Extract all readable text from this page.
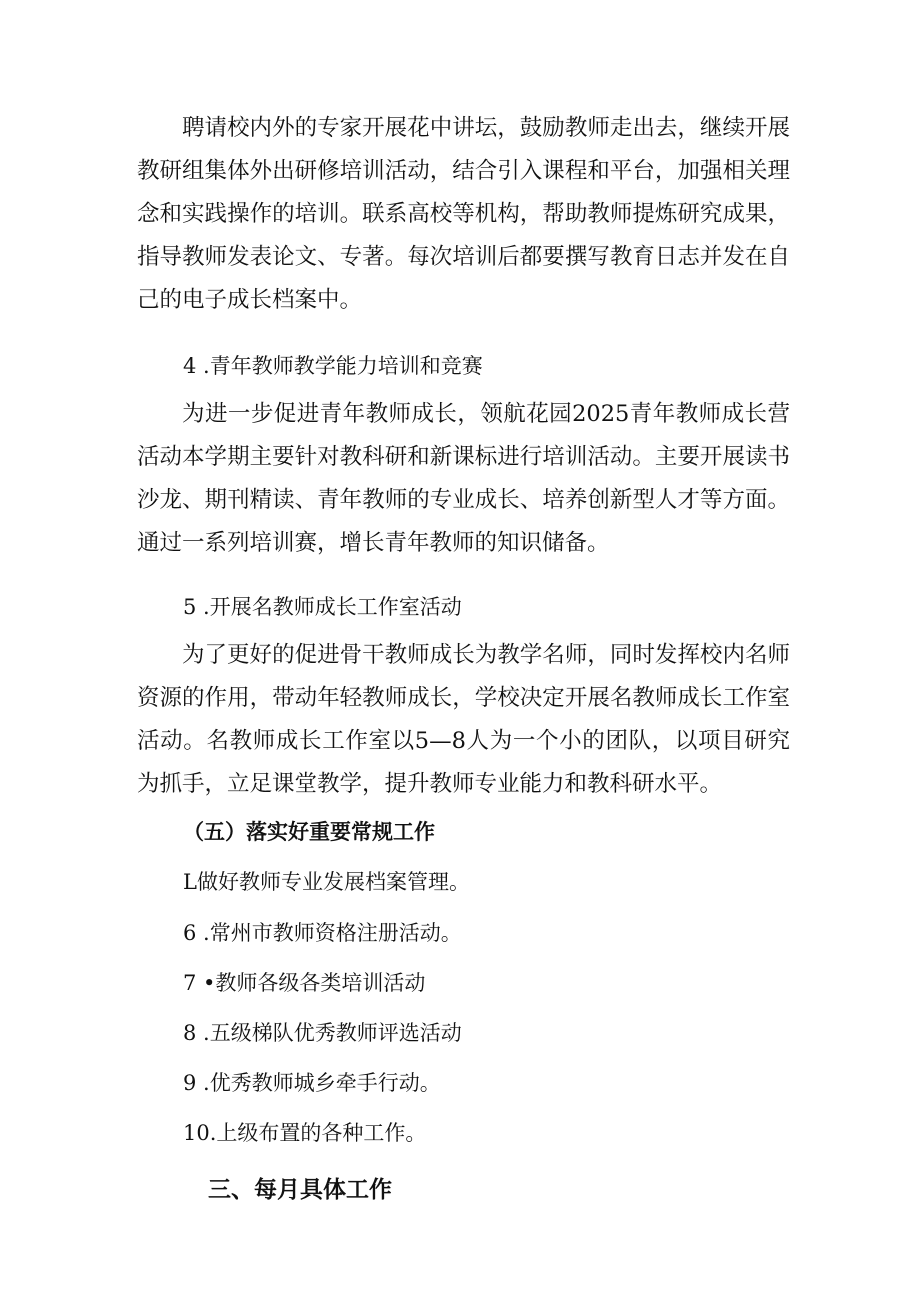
聘请校内外的专家开展花中讲坛，鼓励教师走出去，继续开展教研组集体外出研修培训活动，结合引入课程和平台，加强相关理念和实践操作的培训。联系高校等机构，帮助教师提炼研究成果，指导教师发表论文、专著。每次培训后都要撰写教育日志并发在自己的电子成长档案中。

4 .青年教师教学能力培训和竞赛

为进一步促进青年教师成长，领航花园2025青年教师成长营活动本学期主要针对教科研和新课标进行培训活动。主要开展读书沙龙、期刊精读、青年教师的专业成长、培养创新型人才等方面。通过一系列培训赛，增长青年教师的知识储备。

5 .开展名教师成长工作室活动

为了更好的促进骨干教师成长为教学名师，同时发挥校内名师资源的作用，带动年轻教师成长，学校决定开展名教师成长工作室活动。名教师成长工作室以5—8人为一个小的团队，以项目研究为抓手，立足课堂教学，提升教师专业能力和教科研水平。

（五）落实好重要常规工作

L做好教师专业发展档案管理。

6 .常州市教师资格注册活动。

7 •教师各级各类培训活动

8 .五级梯队优秀教师评选活动

9 .优秀教师城乡牵手行动。

10.上级布置的各种工作。

三、每月具体工作
